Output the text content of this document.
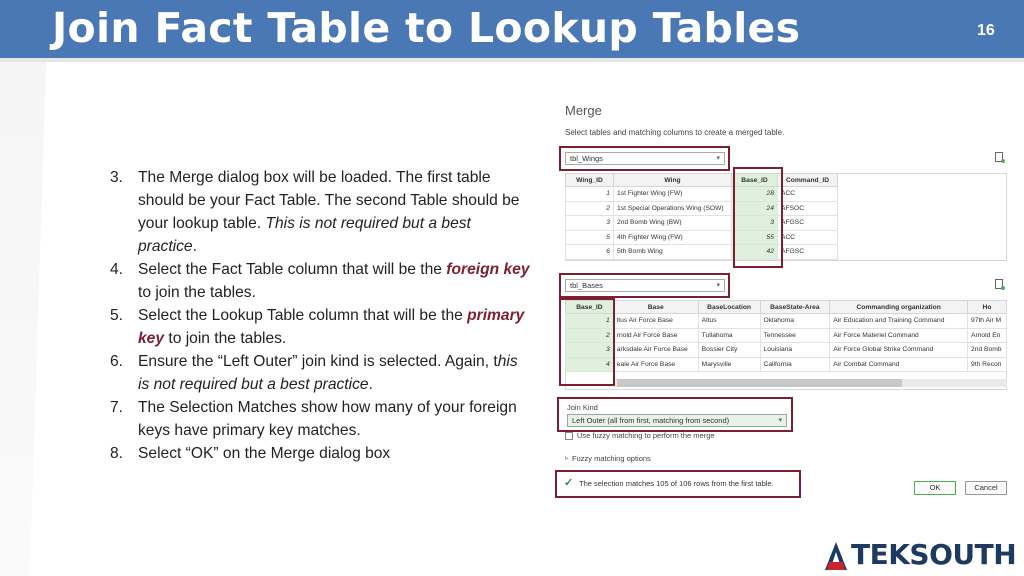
Join Fact Table to Lookup Tables	16
3. The Merge dialog box will be loaded. The first table should be your Fact Table. The second Table should be your lookup table. This is not required but a best practice.
4. Select the Fact Table column that will be the foreign key to join the tables.
5. Select the Lookup Table column that will be the primary key to join the tables.
6. Ensure the “Left Outer” join kind is selected. Again, this is not required but a best practice.
7. The Selection Matches show how many of your foreign keys have primary key matches.
8. Select “OK” on the Merge dialog box
Merge
Select tables and matching columns to create a merged table.
tbl_Wings	▾
Wing_ID	Wing	Base_ID	Command_ID
1	1st Fighter Wing (FW)	28	ACC
2	1st Special Operations Wing (SOW)	24	AFSOC
3	2nd Bomb Wing (BW)	3	AFGSC
5	4th Fighter Wing (FW)	55	ACC
6	5th Bomb Wing	42	AFGSC
tbl_Bases	▾
Base_ID	Base	BaseLocation	BaseState-Area	Commanding organization	Ho
1	ltus Air Force Base	Altus	Oklahoma	Air Education and Training Command	97th Air M
2	rnold Air Force Base	Tullahoma	Tennessee	Air Force Materiel Command	Arnold En
3	arksdale Air Force Base	Bossier City	Louisiana	Air Force Global Strike Command	2nd Bomb
4	eale Air Force Base	Marysville	California	Air Combat Command	9th Recon
Join Kind
Left Outer (all from first, matching from second)	▾
Use fuzzy matching to perform the merge
▹ Fuzzy matching options
✓ The selection matches 105 of 106 rows from the first table.	OK	Cancel
TEKSOUTH
